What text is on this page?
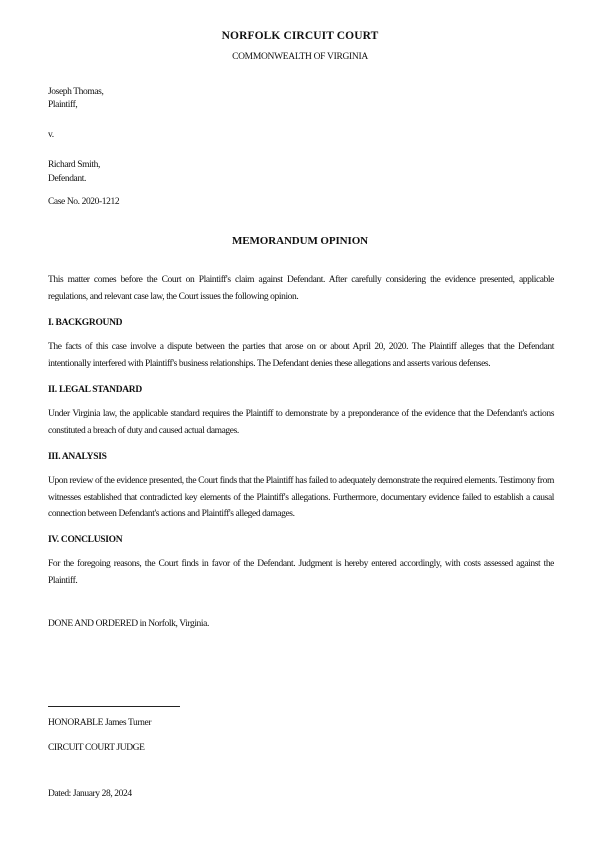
NORFOLK CIRCUIT COURT
COMMONWEALTH OF VIRGINIA
Joseph Thomas,
Plaintiff,
v.
Richard Smith,
Defendant.
Case No. 2020-1212
MEMORANDUM OPINION
This matter comes before the Court on Plaintiff's claim against Defendant. After carefully considering the evidence presented, applicable regulations, and relevant case law, the Court issues the following opinion.
I. BACKGROUND
The facts of this case involve a dispute between the parties that arose on or about April 20, 2020. The Plaintiff alleges that the Defendant intentionally interfered with Plaintiff's business relationships. The Defendant denies these allegations and asserts various defenses.
II. LEGAL STANDARD
Under Virginia law, the applicable standard requires the Plaintiff to demonstrate by a preponderance of the evidence that the Defendant's actions constituted a breach of duty and caused actual damages.
III. ANALYSIS
Upon review of the evidence presented, the Court finds that the Plaintiff has failed to adequately demonstrate the required elements. Testimony from witnesses established that contradicted key elements of the Plaintiff's allegations. Furthermore, documentary evidence failed to establish a causal connection between Defendant's actions and Plaintiff's alleged damages.
IV. CONCLUSION
For the foregoing reasons, the Court finds in favor of the Defendant. Judgment is hereby entered accordingly, with costs assessed against the Plaintiff.
DONE AND ORDERED in Norfolk, Virginia.
HONORABLE James Turner
CIRCUIT COURT JUDGE
Dated: January 28, 2024
